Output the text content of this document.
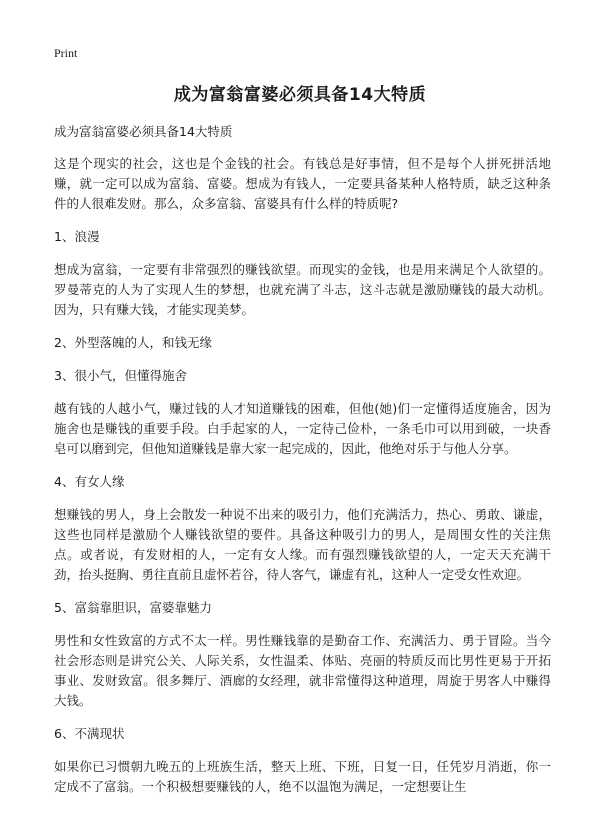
Print
成为富翁富婆必须具备14大特质

成为富翁富婆必须具备14大特质

这是个现实的社会，这也是个金钱的社会。有钱总是好事情，但不是每个人拼死拼活地赚，就一定可以成为富翁、富婆。想成为有钱人，一定要具备某种人格特质，缺乏这种条件的人很难发财。那么，众多富翁、富婆具有什么样的特质呢?

1、浪漫

想成为富翁，一定要有非常强烈的赚钱欲望。而现实的金钱，也是用来满足个人欲望的。罗曼蒂克的人为了实现人生的梦想，也就充满了斗志，这斗志就是激励赚钱的最大动机。因为，只有赚大钱，才能实现美梦。

2、外型落魄的人，和钱无缘

3、很小气，但懂得施舍

越有钱的人越小气，赚过钱的人才知道赚钱的困难，但他(她)们一定懂得适度施舍，因为施舍也是赚钱的重要手段。白手起家的人，一定待己俭朴，一条毛巾可以用到破，一块香皂可以磨到完，但他知道赚钱是靠大家一起完成的，因此，他绝对乐于与他人分享。

4、有女人缘

想赚钱的男人，身上会散发一种说不出来的吸引力，他们充满活力，热心、勇敢、谦虚，这些也同样是激励个人赚钱欲望的要件。具备这种吸引力的男人，是周围女性的关注焦点。或者说，有发财相的人，一定有女人缘。而有强烈赚钱欲望的人，一定天天充满干劲，抬头挺胸、勇往直前且虚怀若谷，待人客气，谦虚有礼，这种人一定受女性欢迎。

5、富翁靠胆识，富婆靠魅力

男性和女性致富的方式不太一样。男性赚钱靠的是勤奋工作、充满活力、勇于冒险。当今社会形态则是讲究公关、人际关系，女性温柔、体贴、亮丽的特质反而比男性更易于开拓事业、发财致富。很多舞厅、酒廊的女经理，就非常懂得这种道理，周旋于男客人中赚得大钱。

6、不满现状

如果你已习惯朝九晚五的上班族生活，整天上班、下班，日复一日，任凭岁月消逝，你一定成不了富翁。一个积极想要赚钱的人，绝不以温饱为满足，一定想要让生
